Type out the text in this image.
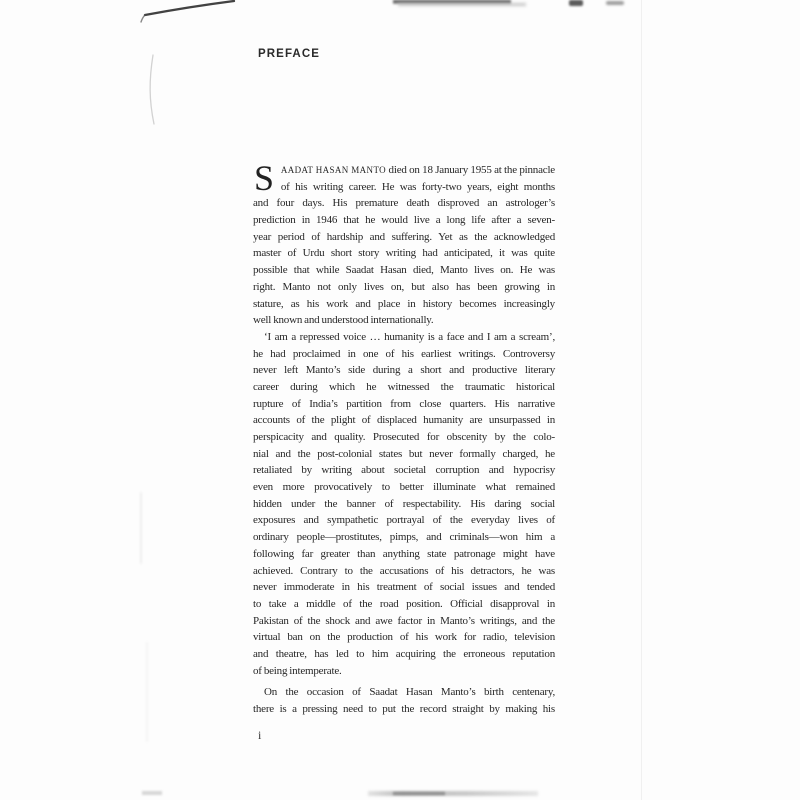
PREFACE
S AADAT HASAN MANTO died on 18 January 1955 at the pinnacle
of his writing career. He was forty-two years, eight months
and four days. His premature death disproved an astrologer’s
prediction in 1946 that he would live a long life after a seven-
year period of hardship and suffering. Yet as the acknowledged
master of Urdu short story writing had anticipated, it was quite
possible that while Saadat Hasan died, Manto lives on. He was
right. Manto not only lives on, but also has been growing in
stature, as his work and place in history becomes increasingly
well known and understood internationally.
‘I am a repressed voice … humanity is a face and I am a scream’,
he had proclaimed in one of his earliest writings. Controversy
never left Manto’s side during a short and productive literary
career during which he witnessed the traumatic historical
rupture of India’s partition from close quarters. His narrative
accounts of the plight of displaced humanity are unsurpassed in
perspicacity and quality. Prosecuted for obscenity by the colo-
nial and the post-colonial states but never formally charged, he
retaliated by writing about societal corruption and hypocrisy
even more provocatively to better illuminate what remained
hidden under the banner of respectability. His daring social
exposures and sympathetic portrayal of the everyday lives of
ordinary people—prostitutes, pimps, and criminals—won him a
following far greater than anything state patronage might have
achieved. Contrary to the accusations of his detractors, he was
never immoderate in his treatment of social issues and tended
to take a middle of the road position. Official disapproval in
Pakistan of the shock and awe factor in Manto’s writings, and the
virtual ban on the production of his work for radio, television
and theatre, has led to him acquiring the erroneous reputation
of being intemperate.
On the occasion of Saadat Hasan Manto’s birth centenary,
there is a pressing need to put the record straight by making his
i
